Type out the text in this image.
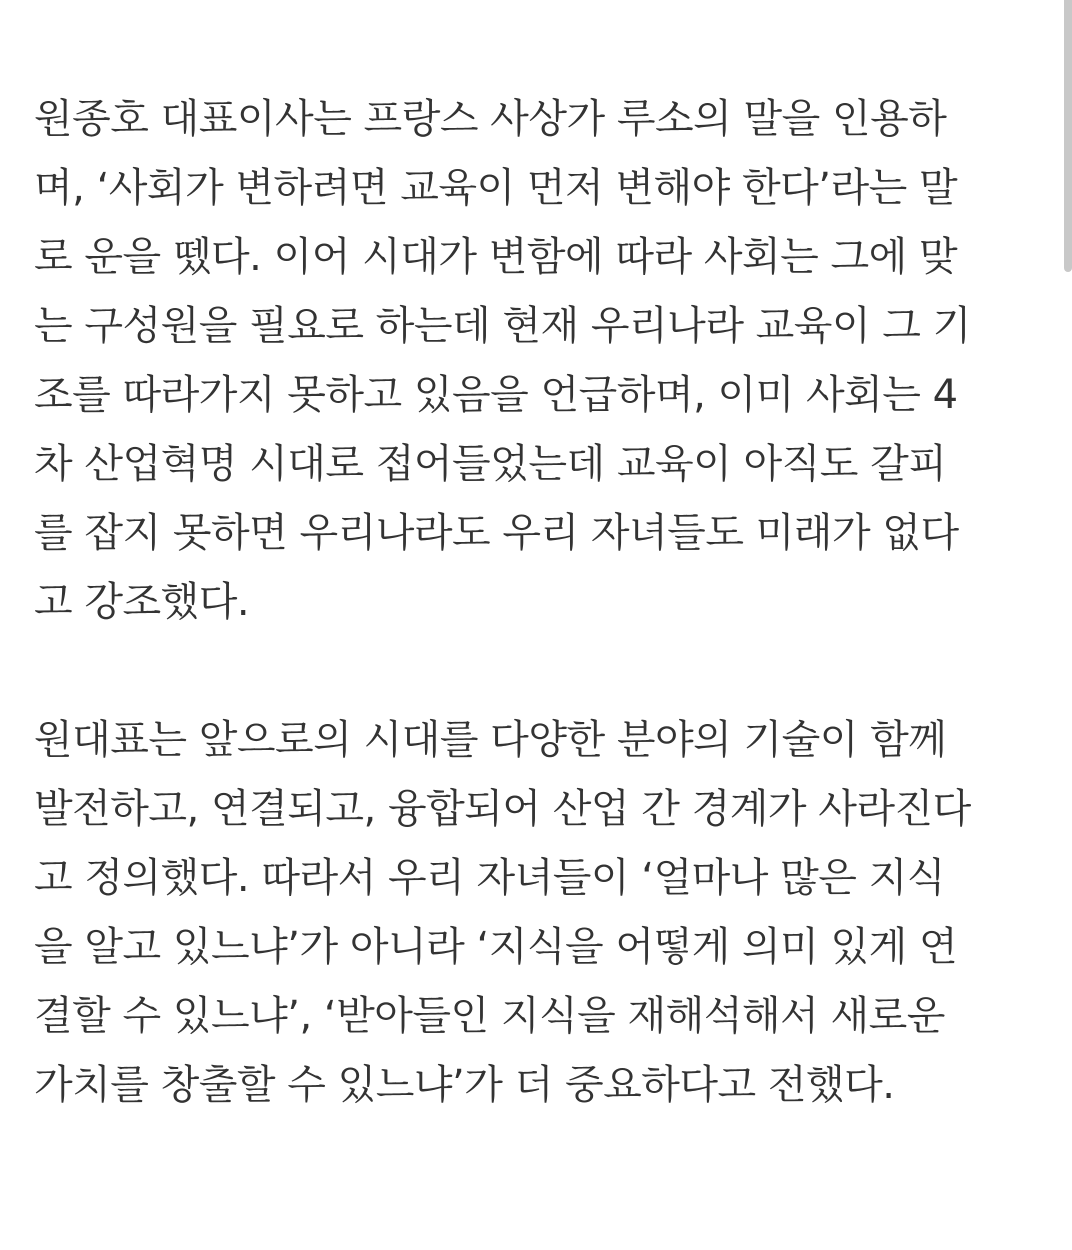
원종호 대표이사는 프랑스 사상가 루소의 말을 인용하
며, ‘사회가 변하려면 교육이 먼저 변해야 한다’라는 말
로 운을 뗐다. 이어 시대가 변함에 따라 사회는 그에 맞
는 구성원을 필요로 하는데 현재 우리나라 교육이 그 기
조를 따라가지 못하고 있음을 언급하며, 이미 사회는 4
차 산업혁명 시대로 접어들었는데 교육이 아직도 갈피
를 잡지 못하면 우리나라도 우리 자녀들도 미래가 없다
고 강조했다.
원대표는 앞으로의 시대를 다양한 분야의 기술이 함께
발전하고, 연결되고, 융합되어 산업 간 경계가 사라진다
고 정의했다. 따라서 우리 자녀들이 ‘얼마나 많은 지식
을 알고 있느냐’가 아니라 ‘지식을 어떻게 의미 있게 연
결할 수 있느냐’, ‘받아들인 지식을 재해석해서 새로운
가치를 창출할 수 있느냐’가 더 중요하다고 전했다.
